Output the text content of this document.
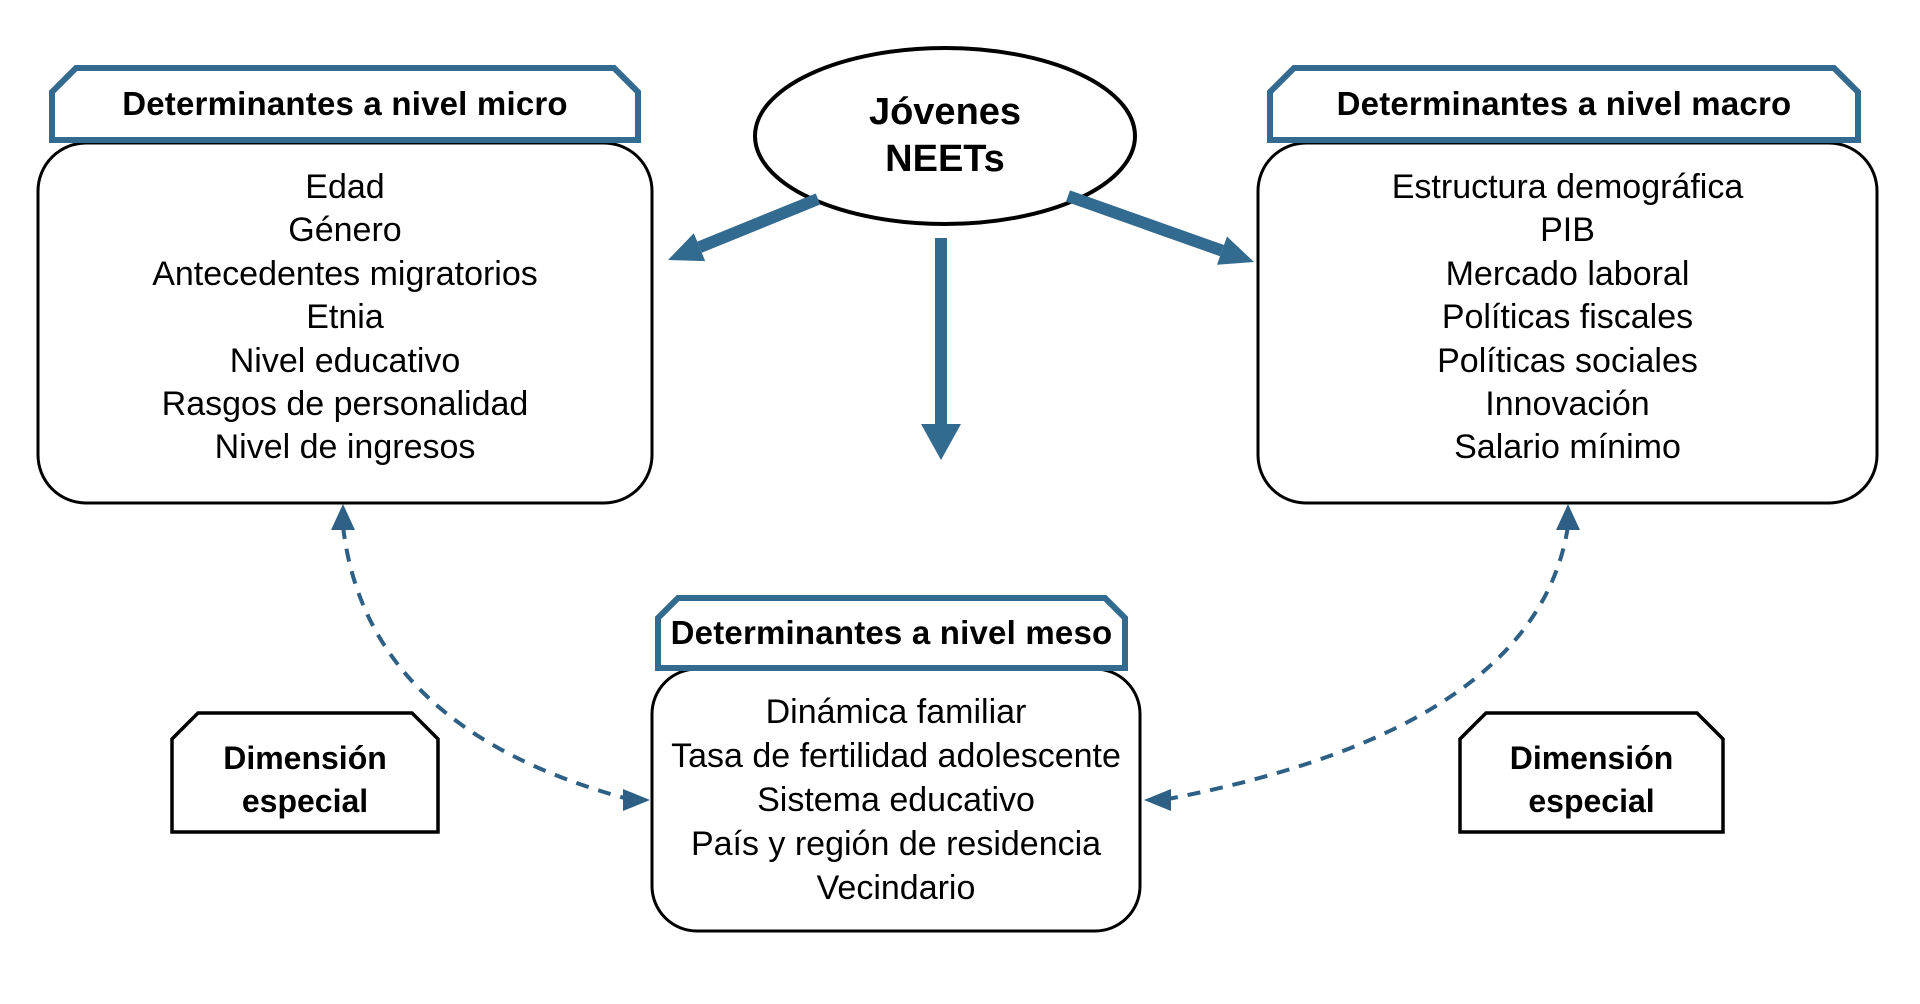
Jóvenes
NEETs
Determinantes a nivel micro
Edad
Género
Antecedentes migratorios
Etnia
Nivel educativo
Rasgos de personalidad
Nivel de ingresos
Determinantes a nivel macro
Estructura demográfica
PIB
Mercado laboral
Políticas fiscales
Políticas sociales
Innovación
Salario mínimo
Determinantes a nivel meso
Dinámica familiar
Tasa de fertilidad adolescente
Sistema educativo
País y región de residencia
Vecindario
Dimensión
especial
Dimensión
especial
